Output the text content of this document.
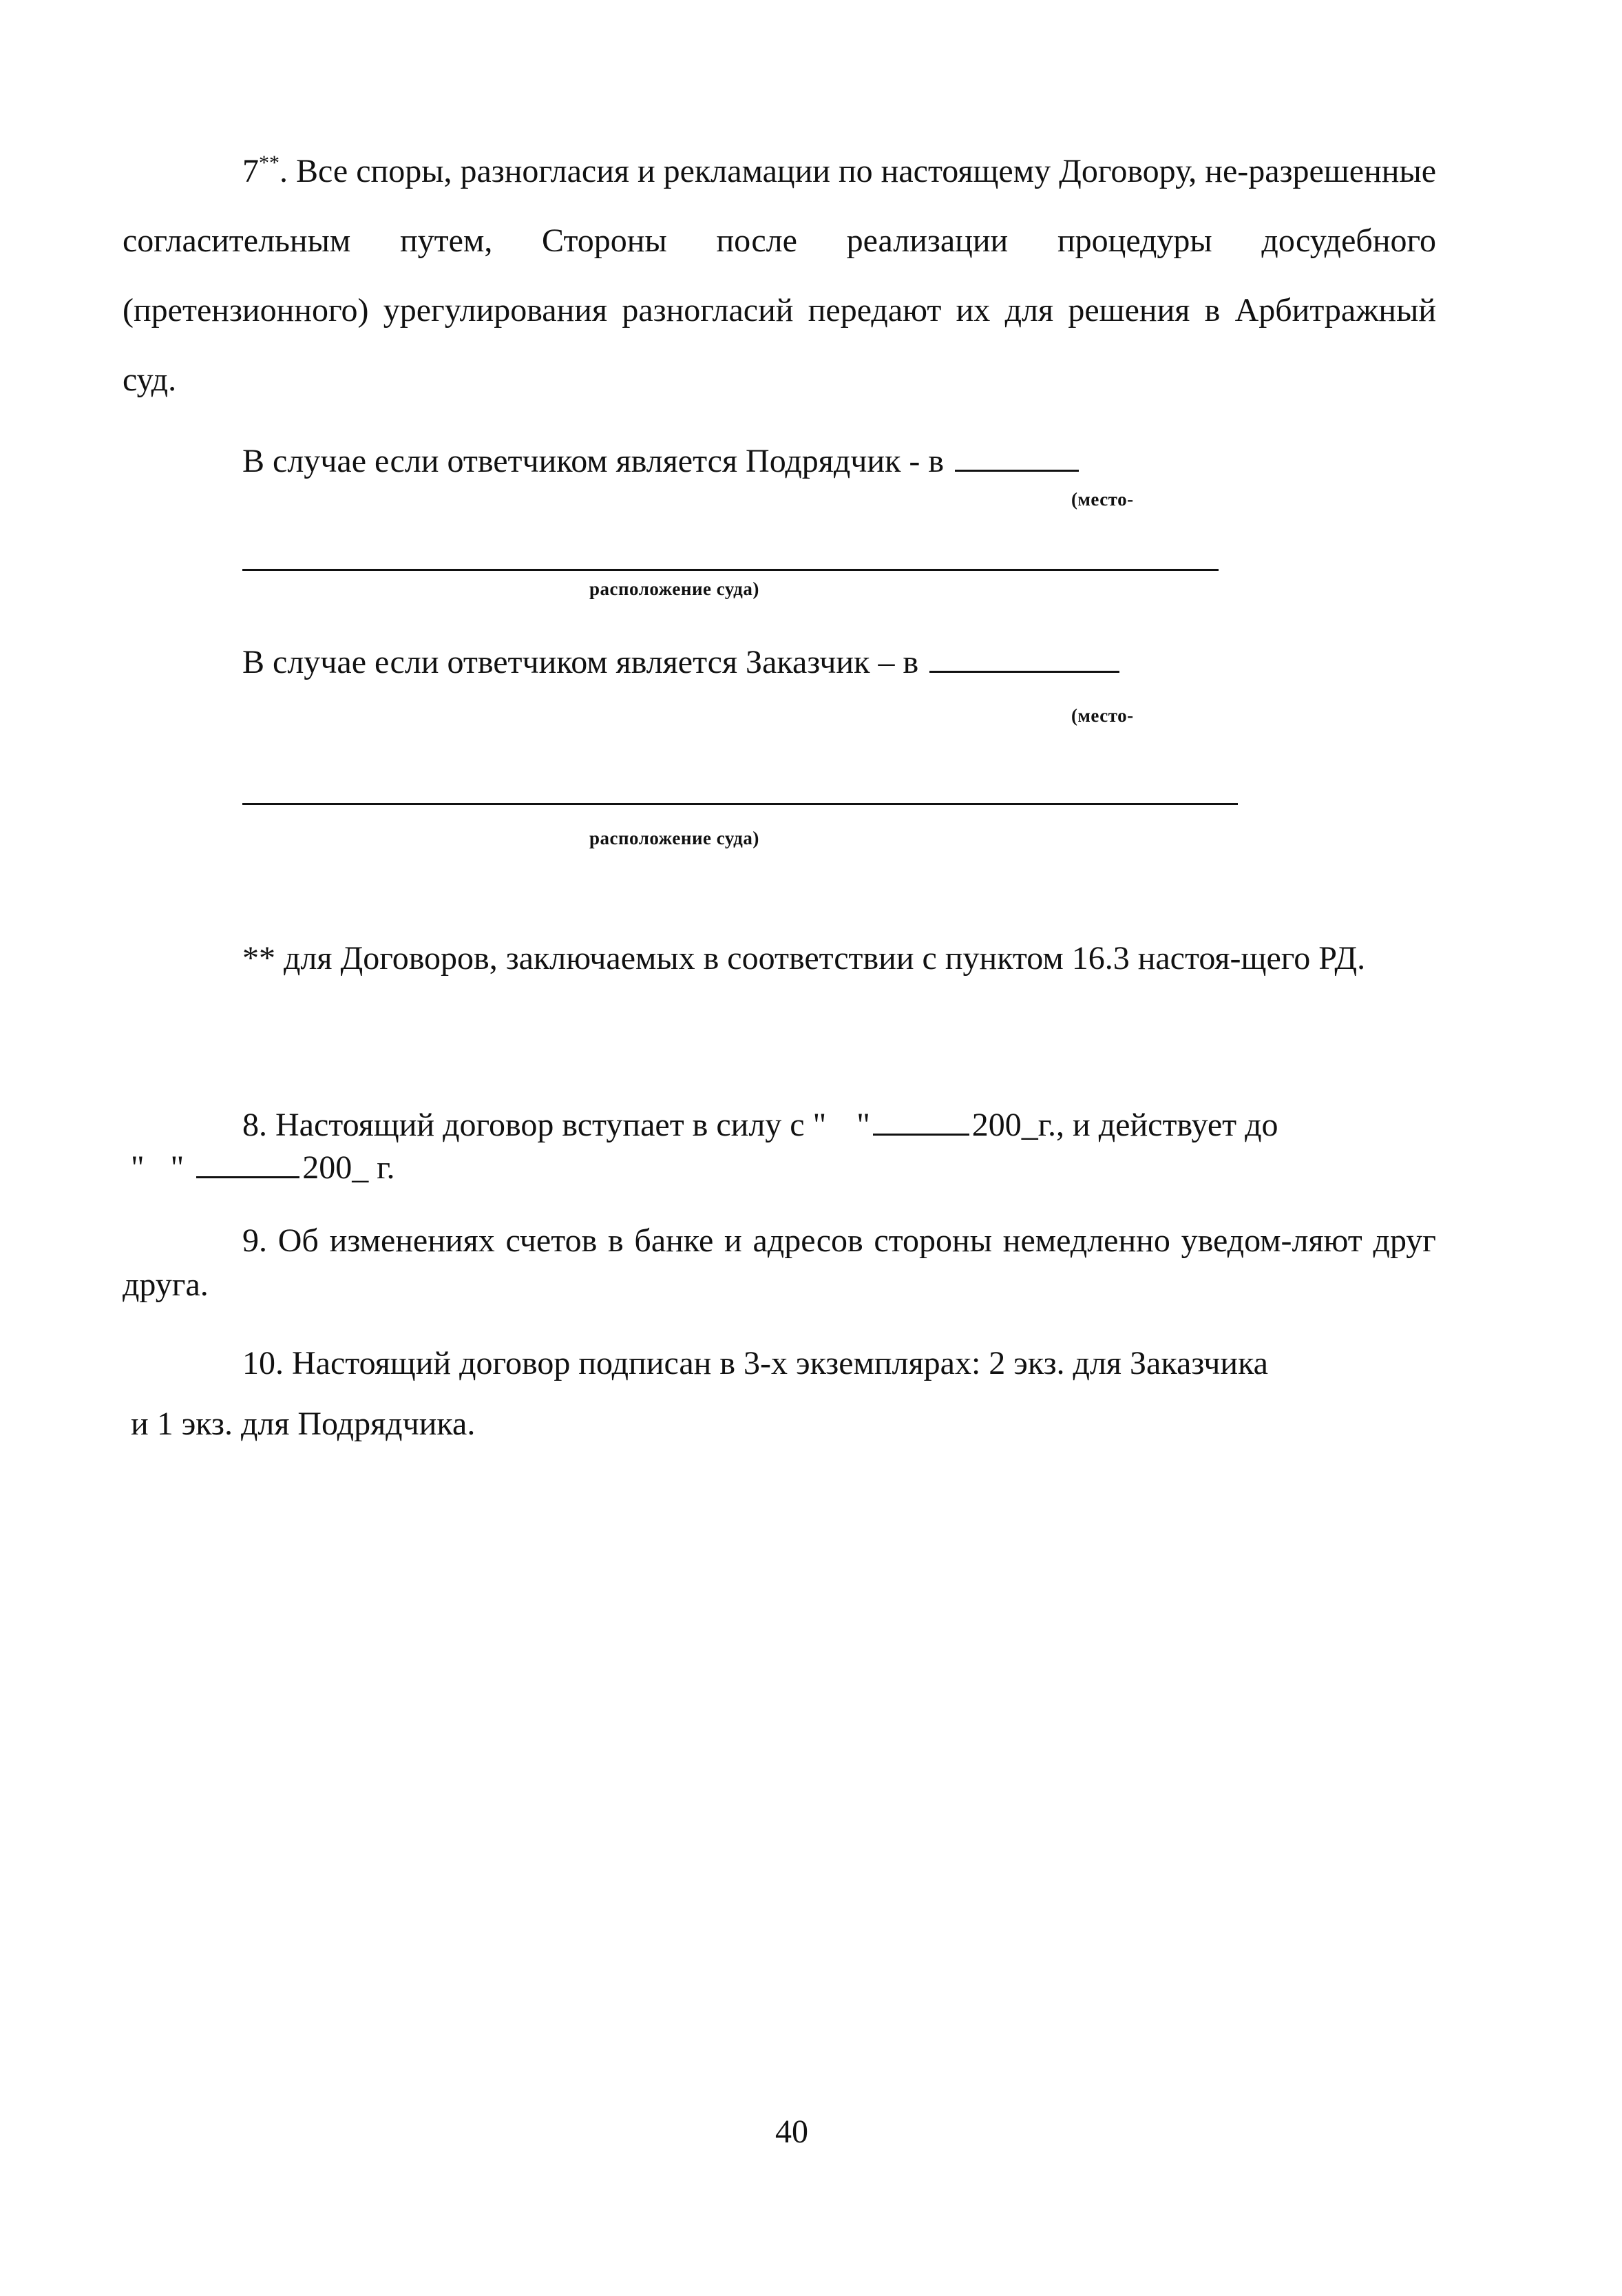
7**. Все споры, разногласия и рекламации по настоящему Договору, не-разрешенные согласительным путем, Стороны после реализации процедуры досудебного (претензионного) урегулирования разногласий передают их для решения в Арбитражный суд.
В случае если ответчиком является Подрядчик - в
(место-
расположение суда)
В случае если ответчиком является Заказчик – в
(место-
расположение суда)
** для Договоров, заключаемых в соответствии с пунктом 16.3 настоя-щего РД.
8. Настоящий договор вступает в силу с " "	200_г., и действует до
" "	200_ г.
9. Об изменениях счетов в банке и адресов стороны немедленно уведом-ляют друг друга.
10. Настоящий договор подписан в 3-х экземплярах: 2 экз. для Заказчика
и 1 экз. для Подрядчика.
40
